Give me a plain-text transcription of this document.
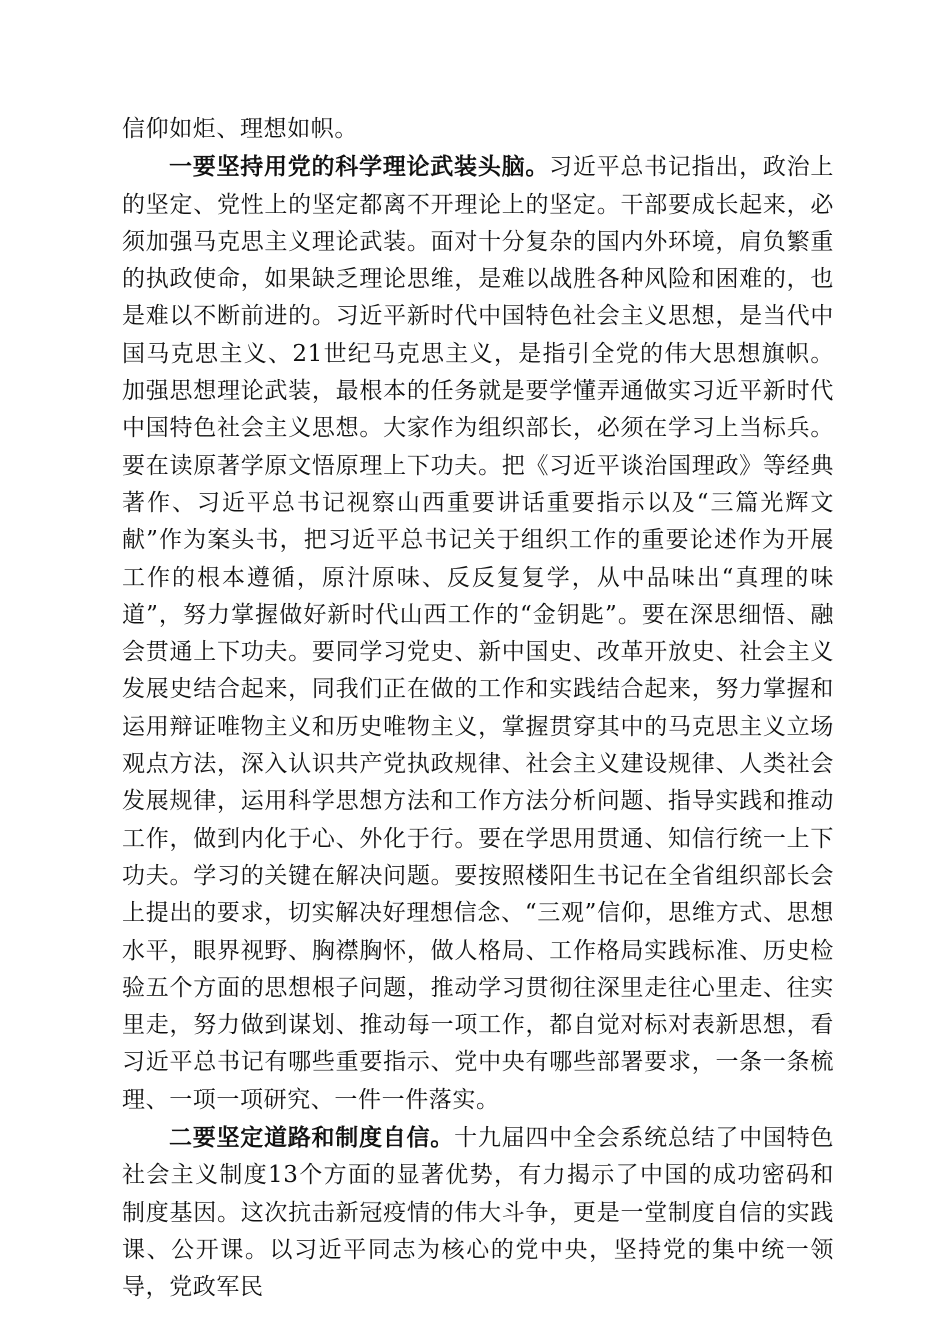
信仰如炬、理想如帜。

一要坚持用党的科学理论武装头脑。习近平总书记指出，政治上的坚定、党性上的坚定都离不开理论上的坚定。干部要成长起来，必须加强马克思主义理论武装。面对十分复杂的国内外环境，肩负繁重的执政使命，如果缺乏理论思维，是难以战胜各种风险和困难的，也是难以不断前进的。习近平新时代中国特色社会主义思想，是当代中国马克思主义、21世纪马克思主义，是指引全党的伟大思想旗帜。加强思想理论武装，最根本的任务就是要学懂弄通做实习近平新时代中国特色社会主义思想。大家作为组织部长，必须在学习上当标兵。要在读原著学原文悟原理上下功夫。把《习近平谈治国理政》等经典著作、习近平总书记视察山西重要讲话重要指示以及“三篇光辉文献”作为案头书，把习近平总书记关于组织工作的重要论述作为开展工作的根本遵循，原汁原味、反反复复学，从中品味出“真理的味道”，努力掌握做好新时代山西工作的“金钥匙”。要在深思细悟、融会贯通上下功夫。要同学习党史、新中国史、改革开放史、社会主义发展史结合起来，同我们正在做的工作和实践结合起来，努力掌握和运用辩证唯物主义和历史唯物主义，掌握贯穿其中的马克思主义立场观点方法，深入认识共产党执政规律、社会主义建设规律、人类社会发展规律，运用科学思想方法和工作方法分析问题、指导实践和推动工作，做到内化于心、外化于行。要在学思用贯通、知信行统一上下功夫。学习的关键在解决问题。要按照楼阳生书记在全省组织部长会上提出的要求，切实解决好理想信念、“三观”信仰，思维方式、思想水平，眼界视野、胸襟胸怀，做人格局、工作格局实践标准、历史检验五个方面的思想根子问题，推动学习贯彻往深里走往心里走、往实里走，努力做到谋划、推动每一项工作，都自觉对标对表新思想，看习近平总书记有哪些重要指示、党中央有哪些部署要求，一条一条梳理、一项一项研究、一件一件落实。

二要坚定道路和制度自信。十九届四中全会系统总结了中国特色社会主义制度13个方面的显著优势，有力揭示了中国的成功密码和制度基因。这次抗击新冠疫情的伟大斗争，更是一堂制度自信的实践课、公开课。以习近平同志为核心的党中央，坚持党的集中统一领导，党政军民
